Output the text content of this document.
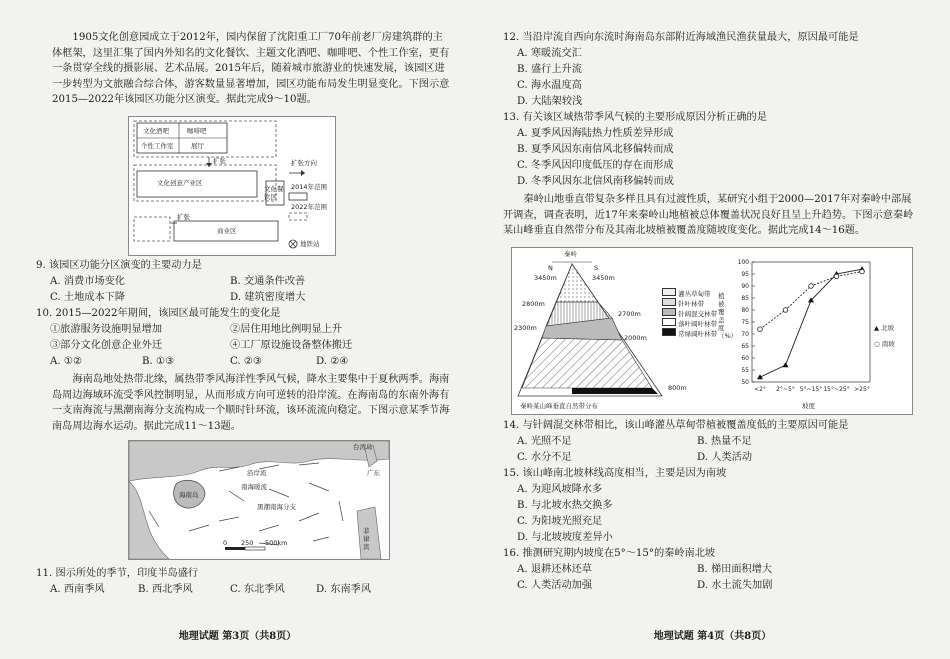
1905文化创意园成立于2012年，园内保留了沈阳重工厂70年前老厂房建筑群的主体框架，这里汇集了国内外知名的文化餐饮、主题文化酒吧、咖啡吧、个性工作室，更有一条贯穿全线的摄影展、艺术品展。2015年后，随着城市旅游业的快速发展，该园区进一步转型为文旅融合综合体，游客数量显著增加，园区功能布局发生明显变化。下图示意2015—2022年该园区功能分区演变。据此完成9～10题。
文化酒吧	咖啡吧
个性工作室	展厅
扩张
文化创意产业区
文化餐饮区
扩张
商业区
扩张方向
2014年范围
2022年范围
地铁站
9. 该园区功能分区演变的主要动力是
A. 消费市场变化	B. 交通条件改善
C. 土地成本下降	D. 建筑密度增大
10. 2015—2022年期间，该园区最可能发生的变化是
①旅游服务设施明显增加	②居住用地比例明显上升
③部分文化创意企业外迁	④工厂原设施设备整体搬迁
A. ①②	B. ①③	C. ②③	D. ②④
海南岛地处热带北缘，属热带季风海洋性季风气候，降水主要集中于夏秋两季。海南岛周边海域环流受季风控制明显，从而形成方向可逆转的沿岸流。在海南岛的东南外海有一支南海流与黑潮南海分支流构成一个顺时针环流，该环流流向稳定。下图示意某季节海南岛周边海水运动。据此完成11～13题。
广东
沿岸流
南海暖流
海南岛
黑潮南海分支
菲律宾
台湾岛
0 250 500km
11. 图示所处的季节，印度半岛盛行
A. 西南季风	B. 西北季风	C. 东北季风	D. 东南季风
地理试题 第3页（共8页）
12. 当沿岸流自西向东流时海南岛东部附近海域渔民渔获量最大，原因最可能是
A. 寒暖流交汇
B. 盛行上升流
C. 海水温度高
D. 大陆架较浅
13. 有关该区域热带季风气候的主要形成原因分析正确的是
A. 夏季风因海陆热力性质差异形成
B. 夏季风因东南信风北移偏转而成
C. 冬季风因印度低压的存在而形成
D. 冬季风因东北信风南移偏转而成
秦岭山地垂直带复杂多样且具有过渡性质，某研究小组于2000—2017年对秦岭中部展开调查，调查表明，近17年来秦岭山地植被总体覆盖状况良好且呈上升趋势。下图示意秦岭某山峰垂直自然带分布及其南北坡植被覆盖度随坡度变化。据此完成14～16题。
秦岭
N	S
3450m	3450m
2800m
2700m
2300m
2000m
800m
秦岭某山峰垂直自然带分布
灌丛草甸带
针叶林带
针阔混交林带
落叶阔叶林带
常绿阔叶林带
50
55
60
65
70
75
80
85
90
95
100
<2° 2°~5° 5°~15° 15°~25° >25°
植被覆盖度（%）
坡度
▲ 北坡
○ 南坡
14. 与针阔混交林带相比，该山峰灌丛草甸带植被覆盖度低的主要原因可能是
A. 光照不足	B. 热量不足
C. 水分不足	D. 人类活动
15. 该山峰南北坡林线高度相当，主要是因为南坡
A. 为迎风坡降水多
B. 与北坡水热交换多
C. 为阳坡光照充足
D. 与北坡坡度差异小
16. 推测研究期内坡度在5°～15°的秦岭南北坡
A. 退耕还林还草	B. 梯田面积增大
C. 人类活动加强	D. 水土流失加剧
地理试题 第4页（共8页）
